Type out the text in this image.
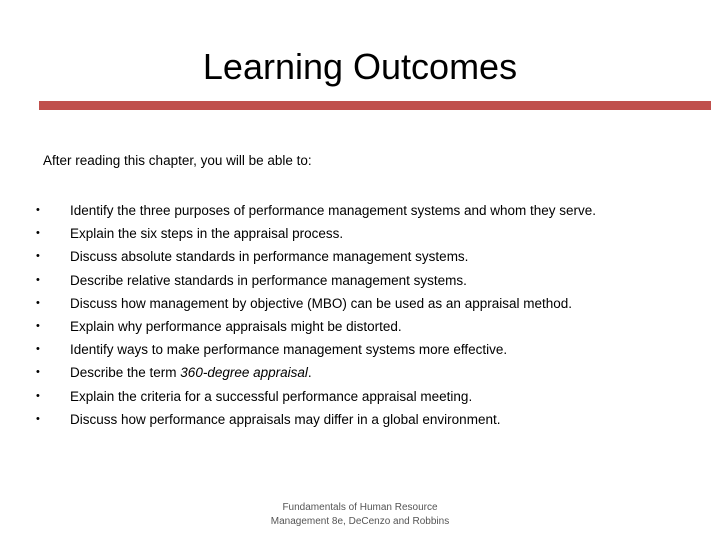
Learning Outcomes

After reading this chapter, you will be able to:

•	Identify the three purposes of performance management systems and whom they serve.
•	Explain the six steps in the appraisal process.
•	Discuss absolute standards in performance management systems.
•	Describe relative standards in performance management systems.
•	Discuss how management by objective (MBO) can be used as an appraisal method.
•	Explain why performance appraisals might be distorted.
•	Identify ways to make performance management systems more effective.
•	Describe the term 360-degree appraisal.
•	Explain the criteria for a successful performance appraisal meeting.
•	Discuss how performance appraisals may differ in a global environment.
Fundamentals of Human Resource
Management 8e, DeCenzo and Robbins
